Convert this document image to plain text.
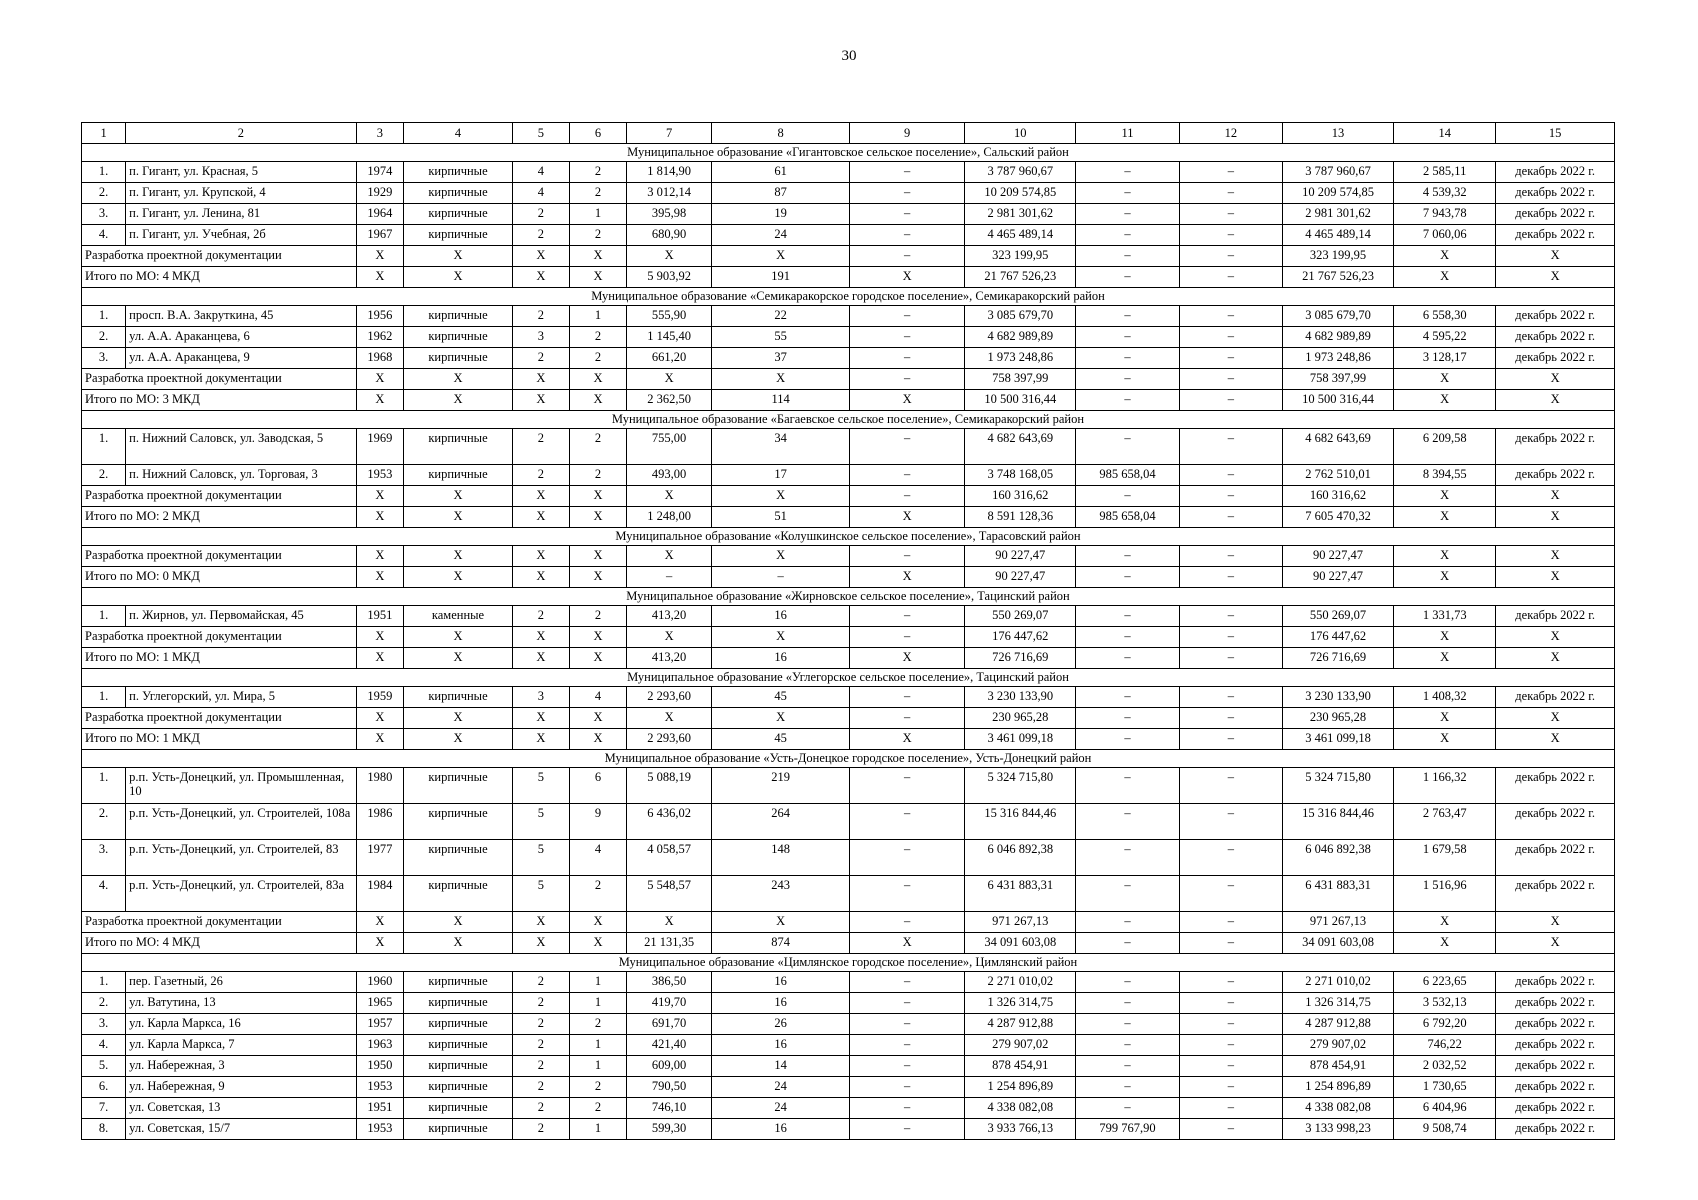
30
1	2	3	4	5	6	7	8	9	10	11	12	13	14	15
Муниципальное образование «Гигантовское сельское поселение», Сальский район														
1.	п. Гигант, ул. Красная, 5	1974	кирпичные	4	2	1 814,90	61	–	3 787 960,67	–	–	3 787 960,67	2 585,11	декабрь 2022 г.
2.	п. Гигант, ул. Крупской, 4	1929	кирпичные	4	2	3 012,14	87	–	10 209 574,85	–	–	10 209 574,85	4 539,32	декабрь 2022 г.
3.	п. Гигант, ул. Ленина, 81	1964	кирпичные	2	1	395,98	19	–	2 981 301,62	–	–	2 981 301,62	7 943,78	декабрь 2022 г.
4.	п. Гигант, ул. Учебная, 2б	1967	кирпичные	2	2	680,90	24	–	4 465 489,14	–	–	4 465 489,14	7 060,06	декабрь 2022 г.
Разработка проектной документации		X	X	X	X	X	X	–	323 199,95	–	–	323 199,95	X	X
Итого по МО: 4 МКД		X	X	X	X	5 903,92	191	X	21 767 526,23	–	–	21 767 526,23	X	X
Муниципальное образование «Семикаракорское городское поселение», Семикаракорский район														
1.	просп. В.А. Закруткина, 45	1956	кирпичные	2	1	555,90	22	–	3 085 679,70	–	–	3 085 679,70	6 558,30	декабрь 2022 г.
2.	ул. А.А. Араканцева, 6	1962	кирпичные	3	2	1 145,40	55	–	4 682 989,89	–	–	4 682 989,89	4 595,22	декабрь 2022 г.
3.	ул. А.А. Араканцева, 9	1968	кирпичные	2	2	661,20	37	–	1 973 248,86	–	–	1 973 248,86	3 128,17	декабрь 2022 г.
Разработка проектной документации		X	X	X	X	X	X	–	758 397,99	–	–	758 397,99	X	X
Итого по МО: 3 МКД		X	X	X	X	2 362,50	114	X	10 500 316,44	–	–	10 500 316,44	X	X
Муниципальное образование «Багаевское сельское поселение», Семикаракорский район														
1.	п. Нижний Саловск, ул. Заводская, 5	1969	кирпичные	2	2	755,00	34	–	4 682 643,69	–	–	4 682 643,69	6 209,58	декабрь 2022 г.
2.	п. Нижний Саловск, ул. Торговая, 3	1953	кирпичные	2	2	493,00	17	–	3 748 168,05	985 658,04	–	2 762 510,01	8 394,55	декабрь 2022 г.
Разработка проектной документации		X	X	X	X	X	X	–	160 316,62	–	–	160 316,62	X	X
Итого по МО: 2 МКД		X	X	X	X	1 248,00	51	X	8 591 128,36	985 658,04	–	7 605 470,32	X	X
Муниципальное образование «Колушкинское сельское поселение», Тарасовский район														
Разработка проектной документации		X	X	X	X	X	X	–	90 227,47	–	–	90 227,47	X	X
Итого по МО: 0 МКД		X	X	X	X	–	–	X	90 227,47	–	–	90 227,47	X	X
Муниципальное образование «Жирновское сельское поселение», Тацинский район														
1.	п. Жирнов, ул. Первомайская, 45	1951	каменные	2	2	413,20	16	–	550 269,07	–	–	550 269,07	1 331,73	декабрь 2022 г.
Разработка проектной документации		X	X	X	X	X	X	–	176 447,62	–	–	176 447,62	X	X
Итого по МО: 1 МКД		X	X	X	X	413,20	16	X	726 716,69	–	–	726 716,69	X	X
Муниципальное образование «Углегорское сельское поселение», Тацинский район														
1.	п. Углегорский, ул. Мира, 5	1959	кирпичные	3	4	2 293,60	45	–	3 230 133,90	–	–	3 230 133,90	1 408,32	декабрь 2022 г.
Разработка проектной документации		X	X	X	X	X	X	–	230 965,28	–	–	230 965,28	X	X
Итого по МО: 1 МКД		X	X	X	X	2 293,60	45	X	3 461 099,18	–	–	3 461 099,18	X	X
Муниципальное образование «Усть-Донецкое городское поселение», Усть-Донецкий район														
1.	р.п. Усть-Донецкий, ул. Промышленная, 10	1980	кирпичные	5	6	5 088,19	219	–	5 324 715,80	–	–	5 324 715,80	1 166,32	декабрь 2022 г.
2.	р.п. Усть-Донецкий, ул. Строителей, 108а	1986	кирпичные	5	9	6 436,02	264	–	15 316 844,46	–	–	15 316 844,46	2 763,47	декабрь 2022 г.
3.	р.п. Усть-Донецкий, ул. Строителей, 83	1977	кирпичные	5	4	4 058,57	148	–	6 046 892,38	–	–	6 046 892,38	1 679,58	декабрь 2022 г.
4.	р.п. Усть-Донецкий, ул. Строителей, 83а	1984	кирпичные	5	2	5 548,57	243	–	6 431 883,31	–	–	6 431 883,31	1 516,96	декабрь 2022 г.
Разработка проектной документации		X	X	X	X	X	X	–	971 267,13	–	–	971 267,13	X	X
Итого по МО: 4 МКД		X	X	X	X	21 131,35	874	X	34 091 603,08	–	–	34 091 603,08	X	X
Муниципальное образование «Цимлянское городское поселение», Цимлянский район														
1.	пер. Газетный, 26	1960	кирпичные	2	1	386,50	16	–	2 271 010,02	–	–	2 271 010,02	6 223,65	декабрь 2022 г.
2.	ул. Ватутина, 13	1965	кирпичные	2	1	419,70	16	–	1 326 314,75	–	–	1 326 314,75	3 532,13	декабрь 2022 г.
3.	ул. Карла Маркса, 16	1957	кирпичные	2	2	691,70	26	–	4 287 912,88	–	–	4 287 912,88	6 792,20	декабрь 2022 г.
4.	ул. Карла Маркса, 7	1963	кирпичные	2	1	421,40	16	–	279 907,02	–	–	279 907,02	746,22	декабрь 2022 г.
5.	ул. Набережная, 3	1950	кирпичные	2	1	609,00	14	–	878 454,91	–	–	878 454,91	2 032,52	декабрь 2022 г.
6.	ул. Набережная, 9	1953	кирпичные	2	2	790,50	24	–	1 254 896,89	–	–	1 254 896,89	1 730,65	декабрь 2022 г.
7.	ул. Советская, 13	1951	кирпичные	2	2	746,10	24	–	4 338 082,08	–	–	4 338 082,08	6 404,96	декабрь 2022 г.
8.	ул. Советская, 15/7	1953	кирпичные	2	1	599,30	16	–	3 933 766,13	799 767,90	–	3 133 998,23	9 508,74	декабрь 2022 г.
